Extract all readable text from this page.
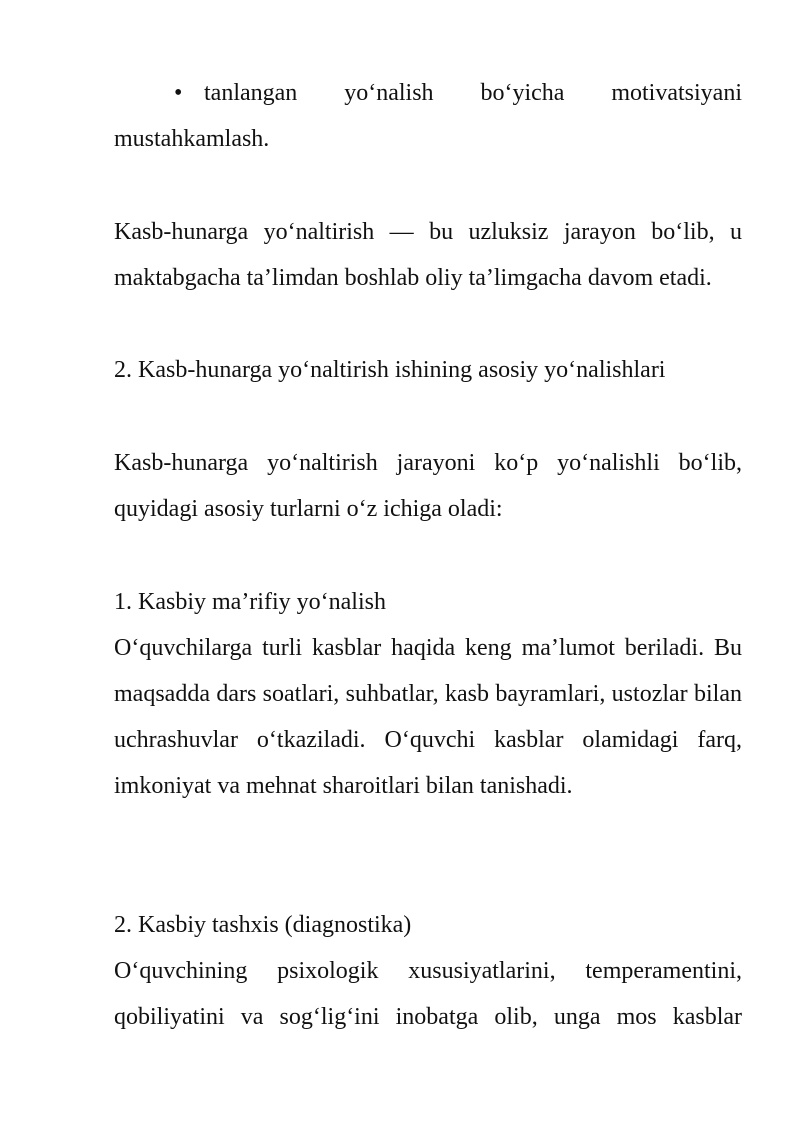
• tanlangan yo‘nalish bo‘yicha motivatsiyani mustahkamlash.

Kasb-hunarga yo‘naltirish — bu uzluksiz jarayon bo‘lib, u maktabgacha ta’limdan boshlab oliy ta’limgacha davom etadi.

2. Kasb-hunarga yo‘naltirish ishining asosiy yo‘nalishlari

Kasb-hunarga yo‘naltirish jarayoni ko‘p yo‘nalishli bo‘lib, quyidagi asosiy turlarni o‘z ichiga oladi:

1. Kasbiy ma’rifiy yo‘nalish

O‘quvchilarga turli kasblar haqida keng ma’lumot beriladi. Bu maqsadda dars soatlari, suhbatlar, kasb bayramlari, ustozlar bilan uchrashuvlar o‘tkaziladi. O‘quvchi kasblar olamidagi farq, imkoniyat va mehnat sharoitlari bilan tanishadi.

2. Kasbiy tashxis (diagnostika)

O‘quvchining psixologik xususiyatlarini, temperamentini, qobiliyatini va sog‘lig‘ini inobatga olib, unga mos kasblar
